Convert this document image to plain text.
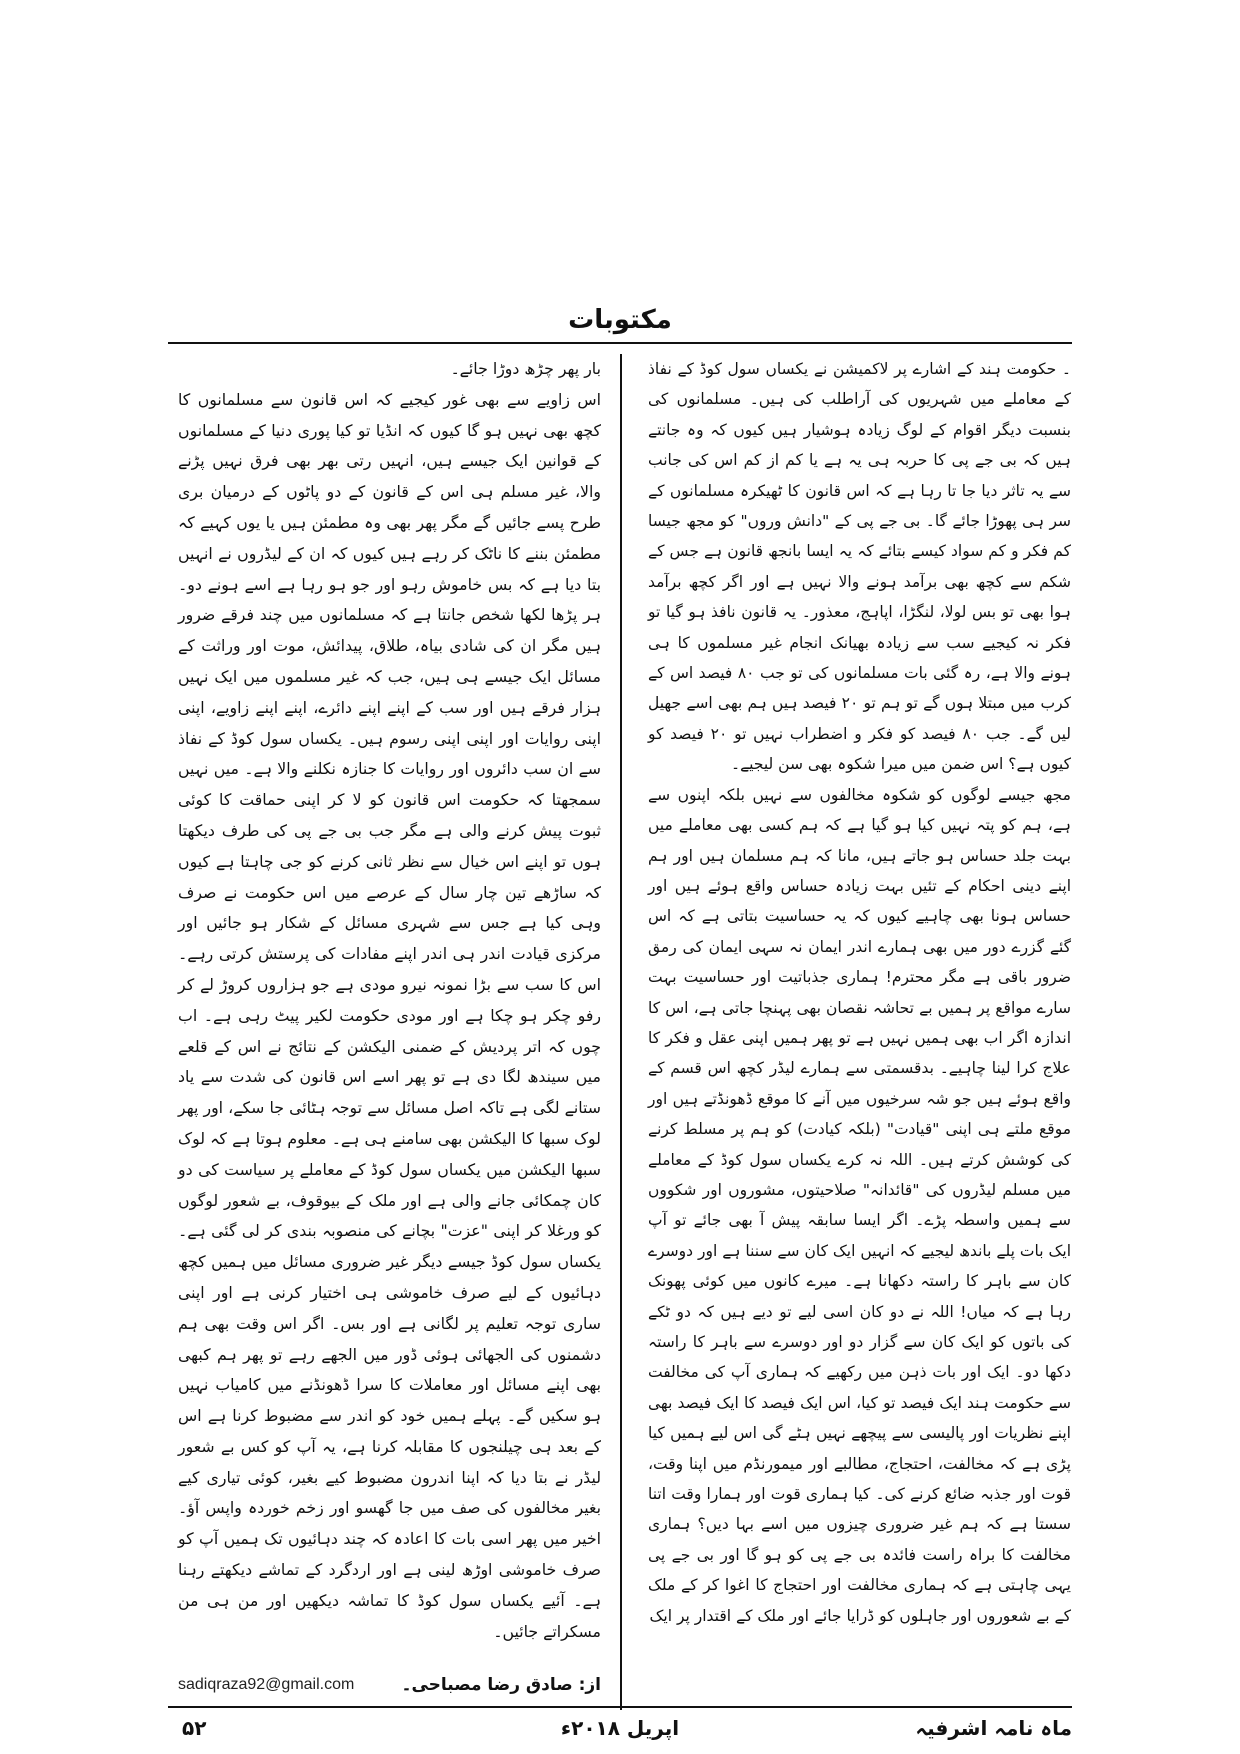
مکتوبات

۔ حکومت ہند کے اشارے پر لاکمیشن نے یکساں سول کوڈ کے نفاذ کے معاملے میں شہریوں کی آراطلب کی ہیں۔ مسلمانوں کی بنسبت دیگر اقوام کے لوگ زیادہ ہوشیار ہیں کیوں کہ وہ جانتے ہیں کہ بی جے پی کا حربہ ہی یہ ہے یا کم از کم اس کی جانب سے یہ تاثر دیا جا تا رہا ہے کہ اس قانون کا ٹھیکرہ مسلمانوں کے سر ہی پھوڑا جائے گا۔ بی جے پی کے "دانش وروں" کو مجھ جیسا کم فکر و کم سواد کیسے بتائے کہ یہ ایسا بانجھ قانون ہے جس کے شکم سے کچھ بھی برآمد ہونے والا نہیں ہے اور اگر کچھ برآمد ہوا بھی تو بس لولا، لنگڑا، اپاہج، معذور۔ یہ قانون نافذ ہو گیا تو فکر نہ کیجیے سب سے زیادہ بھیانک انجام غیر مسلموں کا ہی ہونے والا ہے، رہ گئی بات مسلمانوں کی تو جب ۸۰ فیصد اس کے کرب میں مبتلا ہوں گے تو ہم تو ۲۰ فیصد ہیں ہم بھی اسے جھیل لیں گے۔ جب ۸۰ فیصد کو فکر و اضطراب نہیں تو ۲۰ فیصد کو کیوں ہے؟ اس ضمن میں میرا شکوہ بھی سن لیجیے۔

مجھ جیسے لوگوں کو شکوہ مخالفوں سے نہیں بلکہ اپنوں سے ہے، ہم کو پتہ نہیں کیا ہو گیا ہے کہ ہم کسی بھی معاملے میں بہت جلد حساس ہو جاتے ہیں، مانا کہ ہم مسلمان ہیں اور ہم اپنے دینی احکام کے تئیں بہت زیادہ حساس واقع ہوئے ہیں اور حساس ہونا بھی چاہیے کیوں کہ یہ حساسیت بتاتی ہے کہ اس گئے گزرے دور میں بھی ہمارے اندر ایمان نہ سہی ایمان کی رمق ضرور باقی ہے مگر محترم! ہماری جذباتیت اور حساسیت بہت سارے مواقع پر ہمیں بے تحاشہ نقصان بھی پہنچا جاتی ہے، اس کا اندازہ اگر اب بھی ہمیں نہیں ہے تو پھر ہمیں اپنی عقل و فکر کا علاج کرا لینا چاہیے۔ بدقسمتی سے ہمارے لیڈر کچھ اس قسم کے واقع ہوئے ہیں جو شہ سرخیوں میں آنے کا موقع ڈھونڈتے ہیں اور موقع ملتے ہی اپنی "قیادت" (بلکہ کیادت) کو ہم پر مسلط کرنے کی کوشش کرتے ہیں۔ اللہ نہ کرے یکساں سول کوڈ کے معاملے میں مسلم لیڈروں کی "قائدانہ" صلاحیتوں، مشوروں اور شکووں سے ہمیں واسطہ پڑے۔ اگر ایسا سابقہ پیش آ بھی جائے تو آپ ایک بات پلے باندھ لیجیے کہ انہیں ایک کان سے سننا ہے اور دوسرے کان سے باہر کا راستہ دکھانا ہے۔ میرے کانوں میں کوئی پھونک رہا ہے کہ میاں! اللہ نے دو کان اسی لیے تو دیے ہیں کہ دو ٹکے کی باتوں کو ایک کان سے گزار دو اور دوسرے سے باہر کا راستہ دکھا دو۔ ایک اور بات ذہن میں رکھیے کہ ہماری آپ کی مخالفت سے حکومت ہند ایک فیصد تو کیا، اس ایک فیصد کا ایک فیصد بھی اپنے نظریات اور پالیسی سے پیچھے نہیں ہٹے گی اس لیے ہمیں کیا پڑی ہے کہ مخالفت، احتجاج، مطالبے اور میمورنڈم میں اپنا وقت، قوت اور جذبہ ضائع کرنے کی۔ کیا ہماری قوت اور ہمارا وقت اتنا سستا ہے کہ ہم غیر ضروری چیزوں میں اسے بہا دیں؟ ہماری مخالفت کا براہ راست فائدہ بی جے پی کو ہو گا اور بی جے پی یہی چاہتی ہے کہ ہماری مخالفت اور احتجاج کا اغوا کر کے ملک کے بے شعوروں اور جاہلوں کو ڈرایا جائے اور ملک کے اقتدار پر ایک

بار پھر چڑھ دوڑا جائے۔

اس زاویے سے بھی غور کیجیے کہ اس قانون سے مسلمانوں کا کچھ بھی نہیں ہو گا کیوں کہ انڈیا تو کیا پوری دنیا کے مسلمانوں کے قوانین ایک جیسے ہیں، انہیں رتی بھر بھی فرق نہیں پڑنے والا، غیر مسلم ہی اس کے قانون کے دو پاٹوں کے درمیان بری طرح پسے جائیں گے مگر پھر بھی وہ مطمئن ہیں یا یوں کہیے کہ مطمئن بننے کا ناٹک کر رہے ہیں کیوں کہ ان کے لیڈروں نے انہیں بتا دیا ہے کہ بس خاموش رہو اور جو ہو رہا ہے اسے ہونے دو۔ ہر پڑھا لکھا شخص جانتا ہے کہ مسلمانوں میں چند فرقے ضرور ہیں مگر ان کی شادی بیاہ، طلاق، پیدائش، موت اور وراثت کے مسائل ایک جیسے ہی ہیں، جب کہ غیر مسلموں میں ایک نہیں ہزار فرقے ہیں اور سب کے اپنے اپنے دائرے، اپنے اپنے زاویے، اپنی اپنی روایات اور اپنی اپنی رسوم ہیں۔ یکساں سول کوڈ کے نفاذ سے ان سب دائروں اور روایات کا جنازہ نکلنے والا ہے۔ میں نہیں سمجھتا کہ حکومت اس قانون کو لا کر اپنی حماقت کا کوئی ثبوت پیش کرنے والی ہے مگر جب بی جے پی کی طرف دیکھتا ہوں تو اپنے اس خیال سے نظر ثانی کرنے کو جی چاہتا ہے کیوں کہ ساڑھے تین چار سال کے عرصے میں اس حکومت نے صرف وہی کیا ہے جس سے شہری مسائل کے شکار ہو جائیں اور مرکزی قیادت اندر ہی اندر اپنے مفادات کی پرستش کرتی رہے۔ اس کا سب سے بڑا نمونہ نیرو مودی ہے جو ہزاروں کروڑ لے کر رفو چکر ہو چکا ہے اور مودی حکومت لکیر پیٹ رہی ہے۔ اب چوں کہ اتر پردیش کے ضمنی الیکشن کے نتائج نے اس کے قلعے میں سیندھ لگا دی ہے تو پھر اسے اس قانون کی شدت سے یاد ستانے لگی ہے تاکہ اصل مسائل سے توجہ ہٹائی جا سکے، اور پھر لوک سبھا کا الیکشن بھی سامنے ہی ہے۔ معلوم ہوتا ہے کہ لوک سبھا الیکشن میں یکساں سول کوڈ کے معاملے پر سیاست کی دو کان چمکائی جانے والی ہے اور ملک کے بیوقوف، بے شعور لوگوں کو ورغلا کر اپنی "عزت" بچانے کی منصوبہ بندی کر لی گئی ہے۔ یکساں سول کوڈ جیسے دیگر غیر ضروری مسائل میں ہمیں کچھ دہائیوں کے لیے صرف خاموشی ہی اختیار کرنی ہے اور اپنی ساری توجہ تعلیم پر لگانی ہے اور بس۔ اگر اس وقت بھی ہم دشمنوں کی الجھائی ہوئی ڈور میں الجھے رہے تو پھر ہم کبھی بھی اپنے مسائل اور معاملات کا سرا ڈھونڈنے میں کامیاب نہیں ہو سکیں گے۔ پہلے ہمیں خود کو اندر سے مضبوط کرنا ہے اس کے بعد ہی چیلنجوں کا مقابلہ کرنا ہے، یہ آپ کو کس بے شعور لیڈر نے بتا دیا کہ اپنا اندرون مضبوط کیے بغیر، کوئی تیاری کیے بغیر مخالفوں کی صف میں جا گھسو اور زخم خوردہ واپس آؤ۔ اخیر میں پھر اسی بات کا اعادہ کہ چند دہائیوں تک ہمیں آپ کو صرف خاموشی اوڑھ لینی ہے اور اردگرد کے تماشے دیکھتے رہنا ہے۔ آئیے یکساں سول کوڈ کا تماشہ دیکھیں اور من ہی من مسکراتے جائیں۔

از: صادق رضا مصباحی۔
sadiqraza92@gmail.com
ماہ نامہ اشرفیہ
اپریل ۲۰۱۸ء
۵۲
